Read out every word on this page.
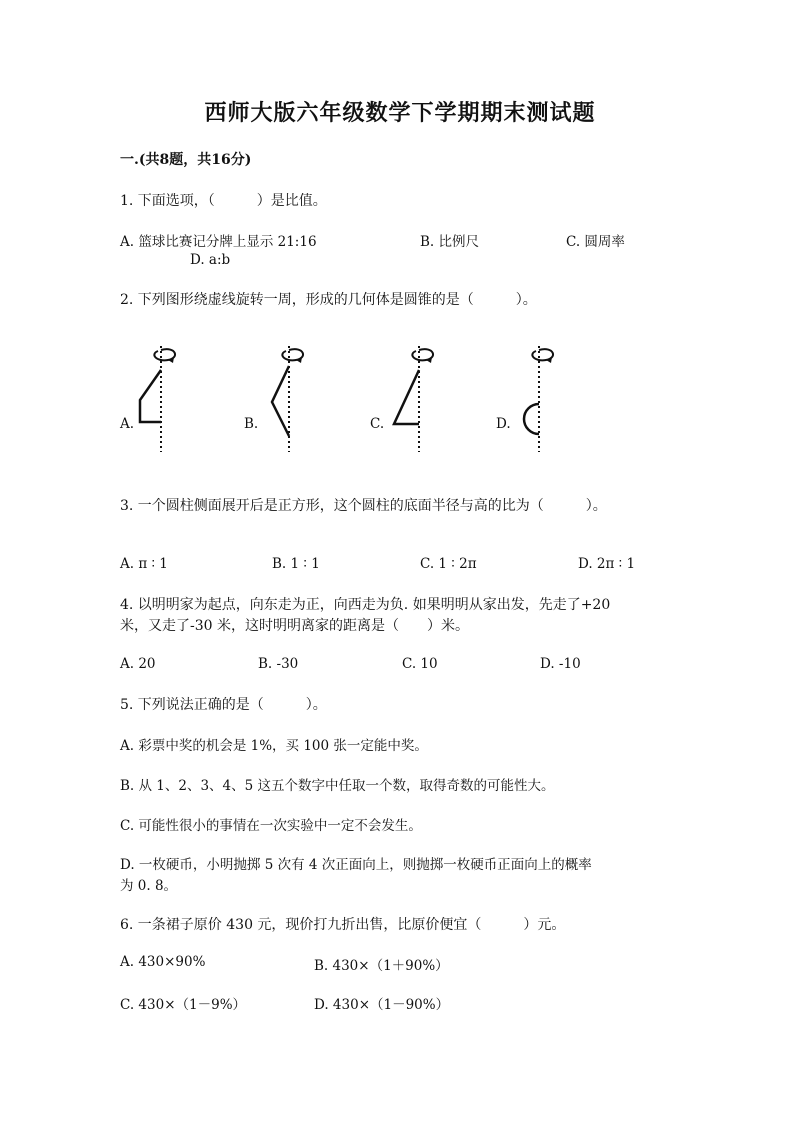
西师大版六年级数学下学期期末测试题
一.(共8题，共16分)
1. 下面选项，（　　　）是比值。
A. 篮球比赛记分牌上显示 21:16	B. 比例尺	C. 圆周率
D. a:b
2. 下列图形绕虚线旋转一周，形成的几何体是圆锥的是（　　　）。
A.	B.	C.	D.
3. 一个圆柱侧面展开后是正方形，这个圆柱的底面半径与高的比为（　　　）。
A. π ∶ 1	B. 1 ∶ 1	C. 1 ∶ 2π	D. 2π ∶ 1
4. 以明明家为起点，向东走为正，向西走为负. 如果明明从家出发，先走了+20
米，又走了-30 米，这时明明离家的距离是（　　）米。
A. 20	B. -30	C. 10	D. -10
5. 下列说法正确的是（　　　）。
A. 彩票中奖的机会是 1%，买 100 张一定能中奖。
B. 从 1、2、3、4、5 这五个数字中任取一个数，取得奇数的可能性大。
C. 可能性很小的事情在一次实验中一定不会发生。
D. 一枚硬币，小明抛掷 5 次有 4 次正面向上，则抛掷一枚硬币正面向上的概率
为 0. 8。
6. 一条裙子原价 430 元，现价打九折出售，比原价便宜（　　　）元。
A. 430×90%	B. 430×（1＋90%）
C. 430×（1－9%）	D. 430×（1－90%）
